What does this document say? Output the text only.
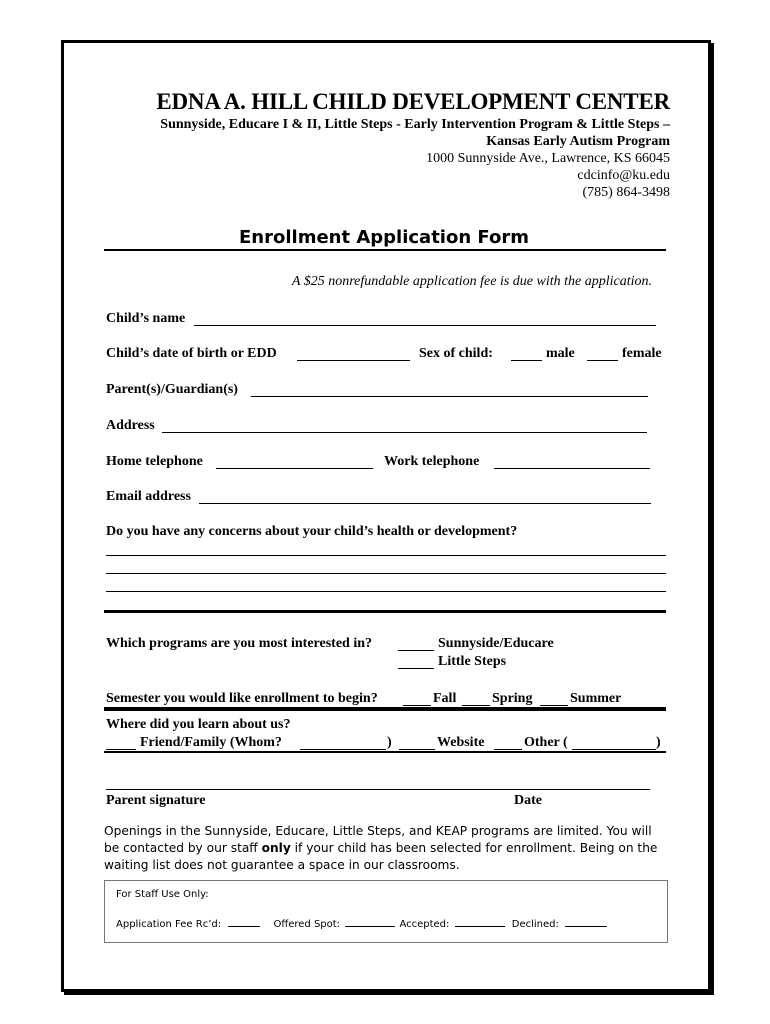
EDNA A. HILL CHILD DEVELOPMENT CENTER
Sunnyside, Educare I & II, Little Steps - Early Intervention Program & Little Steps –
Kansas Early Autism Program
1000 Sunnyside Ave., Lawrence, KS 66045
cdcinfo@ku.edu
(785) 864-3498
Enrollment Application Form
A $25 nonrefundable application fee is due with the application.
Child’s name
Child’s date of birth or EDD	Sex of child:	male	female
Parent(s)/Guardian(s)
Address
Home telephone	Work telephone
Email address
Do you have any concerns about your child’s health or development?
Which programs are you most interested in?	Sunnyside/Educare
Little Steps
Semester you would like enrollment to begin?	Fall	Spring	Summer
Where did you learn about us?
Friend/Family (Whom?	)	Website	Other (	)
Parent signature	Date
Openings in the Sunnyside, Educare, Little Steps, and KEAP programs are limited. You will be contacted by our staff only if your child has been selected for enrollment. Being on the waiting list does not guarantee a space in our classrooms.
For Staff Use Only:
Application Fee Rc’d:	Offered Spot:	Accepted:	Declined:
